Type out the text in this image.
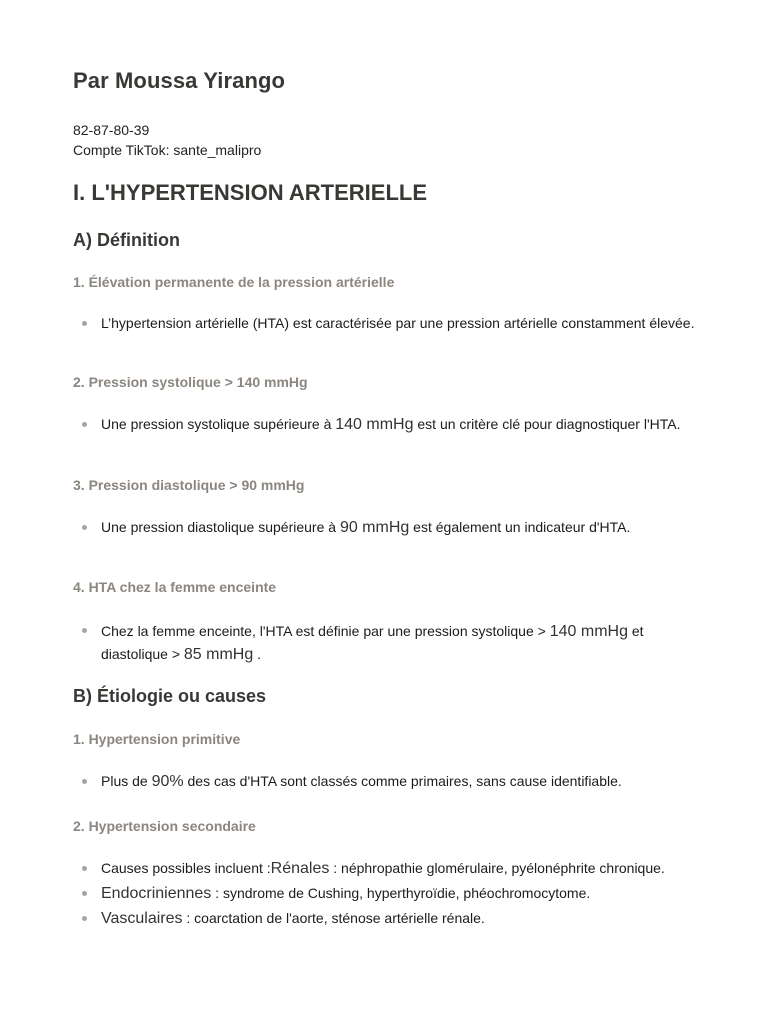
Par Moussa Yirango
82-87-80-39
Compte TikTok: sante_malipro
I. L'HYPERTENSION ARTERIELLE
A) Définition
1. Élévation permanente de la pression artérielle
L’hypertension artérielle (HTA) est caractérisée par une pression artérielle constamment élevée.
2. Pression systolique > 140 mmHg
Une pression systolique supérieure à 140 mmHg est un critère clé pour diagnostiquer l'HTA.
3. Pression diastolique > 90 mmHg
Une pression diastolique supérieure à 90 mmHg est également un indicateur d'HTA.
4. HTA chez la femme enceinte
Chez la femme enceinte, l'HTA est définie par une pression systolique > 140 mmHg et diastolique > 85 mmHg .
B) Étiologie ou causes
1. Hypertension primitive
Plus de 90% des cas d'HTA sont classés comme primaires, sans cause identifiable.
2. Hypertension secondaire
Causes possibles incluent :Rénales : néphropathie glomérulaire, pyélonéphrite chronique.
Endocriniennes : syndrome de Cushing, hyperthyroïdie, phéochromocytome.
Vasculaires : coarctation de l'aorte, sténose artérielle rénale.
